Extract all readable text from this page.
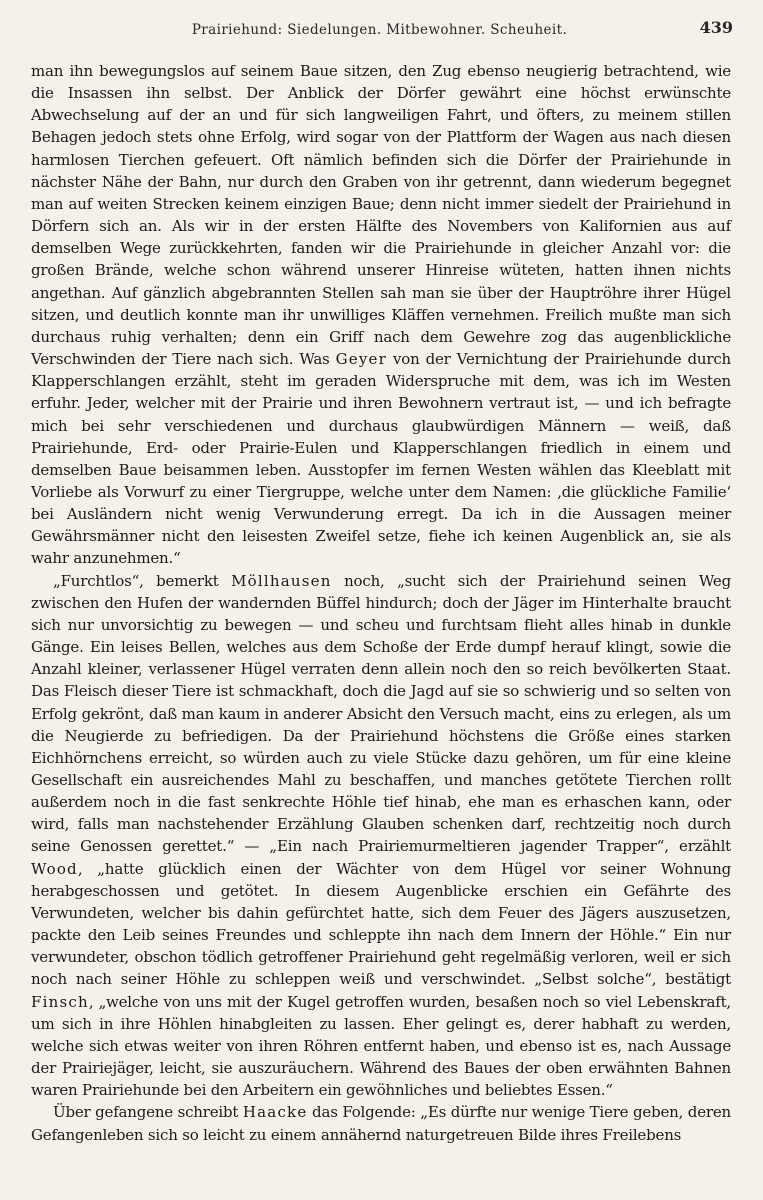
Prairiehund: Siedelungen. Mitbewohner. Scheuheit.	439

man ihn bewegungslos auf seinem Baue sitzen, den Zug ebenso neugierig betrachtend, wie die Insassen ihn selbst. Der Anblick der Dörfer gewährt eine höchst erwünschte Abwechselung auf der an und für sich langweiligen Fahrt, und öfters, zu meinem stillen Behagen jedoch stets ohne Erfolg, wird sogar von der Plattform der Wagen aus nach diesen harmlosen Tierchen gefeuert. Oft nämlich befinden sich die Dörfer der Prairiehunde in nächster Nähe der Bahn, nur durch den Graben von ihr getrennt, dann wiederum begegnet man auf weiten Strecken keinem einzigen Baue; denn nicht immer siedelt der Prairiehund in Dörfern sich an. Als wir in der ersten Hälfte des Novembers von Kalifornien aus auf demselben Wege zurückkehrten, fanden wir die Prairiehunde in gleicher Anzahl vor: die großen Brände, welche schon während unserer Hinreise wüteten, hatten ihnen nichts angethan. Auf gänzlich abgebrannten Stellen sah man sie über der Hauptröhre ihrer Hügel sitzen, und deutlich konnte man ihr unwilliges Kläffen vernehmen. Freilich mußte man sich durchaus ruhig verhalten; denn ein Griff nach dem Gewehre zog das augenblickliche Verschwinden der Tiere nach sich. Was Geyer von der Vernichtung der Prairiehunde durch Klapperschlangen erzählt, steht im geraden Widerspruche mit dem, was ich im Westen erfuhr. Jeder, welcher mit der Prairie und ihren Bewohnern vertraut ist, — und ich befragte mich bei sehr verschiedenen und durchaus glaubwürdigen Männern — weiß, daß Prairiehunde, Erd- oder Prairie-Eulen und Klapperschlangen friedlich in einem und demselben Baue beisammen leben. Ausstopfer im fernen Westen wählen das Kleeblatt mit Vorliebe als Vorwurf zu einer Tiergruppe, welche unter dem Namen: ‚die glückliche Familie‘ bei Ausländern nicht wenig Verwunderung erregt. Da ich in die Aussagen meiner Gewährsmänner nicht den leisesten Zweifel setze, fiehe ich keinen Augenblick an, sie als wahr anzunehmen.“

„Furchtlos“, bemerkt Möllhausen noch, „sucht sich der Prairiehund seinen Weg zwischen den Hufen der wandernden Büffel hindurch; doch der Jäger im Hinterhalte braucht sich nur unvorsichtig zu bewegen — und scheu und furchtsam flieht alles hinab in dunkle Gänge. Ein leises Bellen, welches aus dem Schoße der Erde dumpf herauf klingt, sowie die Anzahl kleiner, verlassener Hügel verraten denn allein noch den so reich bevölkerten Staat. Das Fleisch dieser Tiere ist schmackhaft, doch die Jagd auf sie so schwierig und so selten von Erfolg gekrönt, daß man kaum in anderer Absicht den Versuch macht, eins zu erlegen, als um die Neugierde zu befriedigen. Da der Prairiehund höchstens die Größe eines starken Eichhörnchens erreicht, so würden auch zu viele Stücke dazu gehören, um für eine kleine Gesellschaft ein ausreichendes Mahl zu beschaffen, und manches getötete Tierchen rollt außerdem noch in die fast senkrechte Höhle tief hinab, ehe man es erhaschen kann, oder wird, falls man nachstehender Erzählung Glauben schenken darf, rechtzeitig noch durch seine Genossen gerettet.“ — „Ein nach Prairiemurmeltieren jagender Trapper“, erzählt Wood, „hatte glücklich einen der Wächter von dem Hügel vor seiner Wohnung herabgeschossen und getötet. In diesem Augenblicke erschien ein Gefährte des Verwundeten, welcher bis dahin gefürchtet hatte, sich dem Feuer des Jägers auszusetzen, packte den Leib seines Freundes und schleppte ihn nach dem Innern der Höhle.“ Ein nur verwundeter, obschon tödlich getroffener Prairiehund geht regelmäßig verloren, weil er sich noch nach seiner Höhle zu schleppen weiß und verschwindet. „Selbst solche“, bestätigt Finsch, „welche von uns mit der Kugel getroffen wurden, besaßen noch so viel Lebenskraft, um sich in ihre Höhlen hinabgleiten zu lassen. Eher gelingt es, derer habhaft zu werden, welche sich etwas weiter von ihren Röhren entfernt haben, und ebenso ist es, nach Aussage der Prairiejäger, leicht, sie auszuräuchern. Während des Baues der oben erwähnten Bahnen waren Prairiehunde bei den Arbeitern ein gewöhnliches und beliebtes Essen.“

Über gefangene schreibt Haacke das Folgende: „Es dürfte nur wenige Tiere geben, deren Gefangenleben sich so leicht zu einem annähernd naturgetreuen Bilde ihres Freilebens
